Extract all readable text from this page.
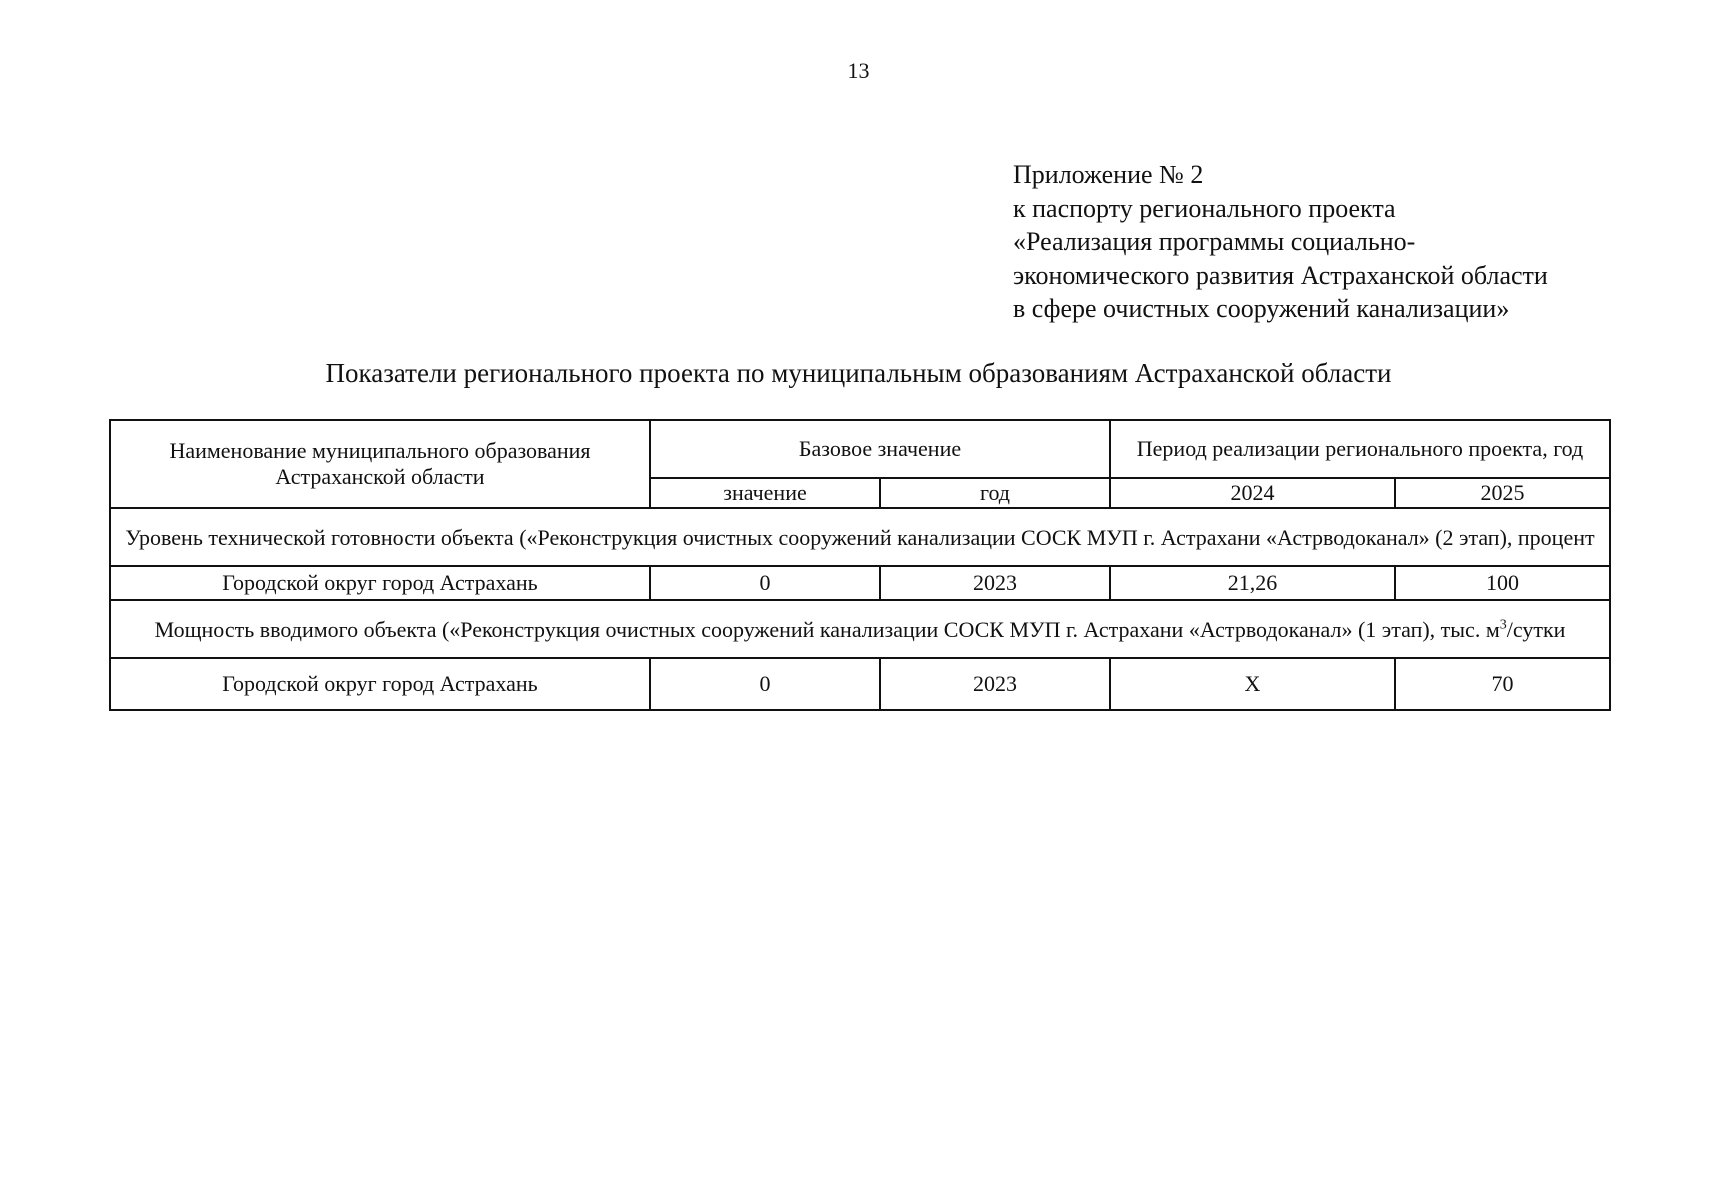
13
Приложение № 2
к паспорту регионального проекта
«Реализация программы социально-
экономического развития Астраханской области
в сфере очистных сооружений канализации»
Показатели регионального проекта по муниципальным образованиям Астраханской области
Наименование муниципального образования Астраханской области	Базовое значение		Период реализации регионального проекта, год	
	значение	год	2024	2025
Уровень технической готовности объекта («Реконструкция очистных сооружений канализации СОСК МУП г. Астрахани «Астрводоканал» (2 этап), процент				
Городской округ город Астрахань	0	2023	21,26	100
Мощность вводимого объекта («Реконструкция очистных сооружений канализации СОСК МУП г. Астрахани «Астрводоканал» (1 этап), тыс. $м^3$/сутки				
Городской округ город Астрахань	0	2023	Х	70
